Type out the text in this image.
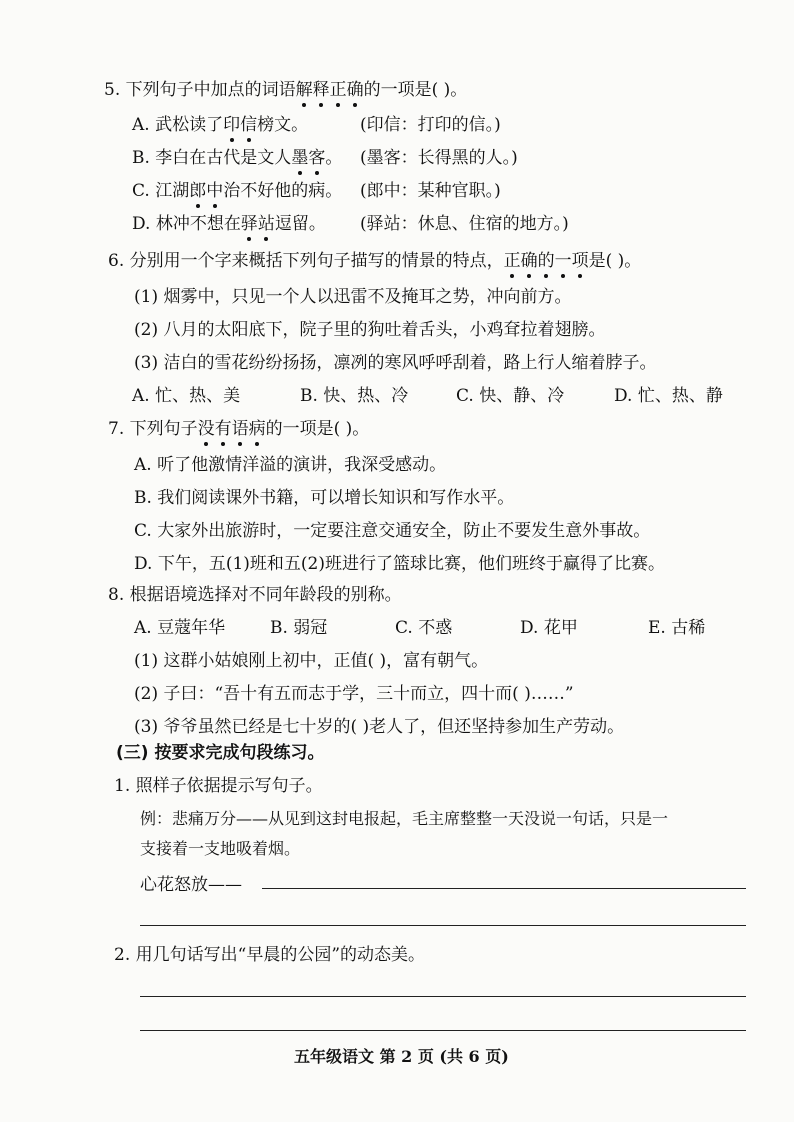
5. 下列句子中加点的词语解释正确的一项是( )。
A. 武松读了印信榜文。	(印信：打印的信。)
B. 李白在古代是文人墨客。 (墨客：长得黑的人。)
C. 江湖郎中治不好他的病。 (郎中：某种官职。)
D. 林冲不想在驿站逗留。 (驿站：休息、住宿的地方。)
6. 分别用一个字来概括下列句子描写的情景的特点，正确的一项是( )。
(1) 烟雾中，只见一个人以迅雷不及掩耳之势，冲向前方。
(2) 八月的太阳底下，院子里的狗吐着舌头，小鸡耷拉着翅膀。
(3) 洁白的雪花纷纷扬扬，凛冽的寒风呼呼刮着，路上行人缩着脖子。
A. 忙、热、美	B. 快、热、冷	C. 快、静、冷	D. 忙、热、静
7. 下列句子没有语病的一项是( )。
A. 听了他激情洋溢的演讲，我深受感动。
B. 我们阅读课外书籍，可以增长知识和写作水平。
C. 大家外出旅游时，一定要注意交通安全，防止不要发生意外事故。
D. 下午，五(1)班和五(2)班进行了篮球比赛，他们班终于赢得了比赛。
8. 根据语境选择对不同年龄段的别称。
A. 豆蔻年华	B. 弱冠	C. 不惑	D. 花甲	E. 古稀
(1) 这群小姑娘刚上初中，正值( )，富有朝气。
(2) 子曰：“吾十有五而志于学，三十而立，四十而( )……”
(3) 爷爷虽然已经是七十岁的( )老人了，但还坚持参加生产劳动。
(三) 按要求完成句段练习。
1. 照样子依据提示写句子。
例：悲痛万分——从见到这封电报起，毛主席整整一天没说一句话，只是一
支接着一支地吸着烟。
心花怒放——
2. 用几句话写出“早晨的公园”的动态美。
五年级语文 第 2 页 (共 6 页)
